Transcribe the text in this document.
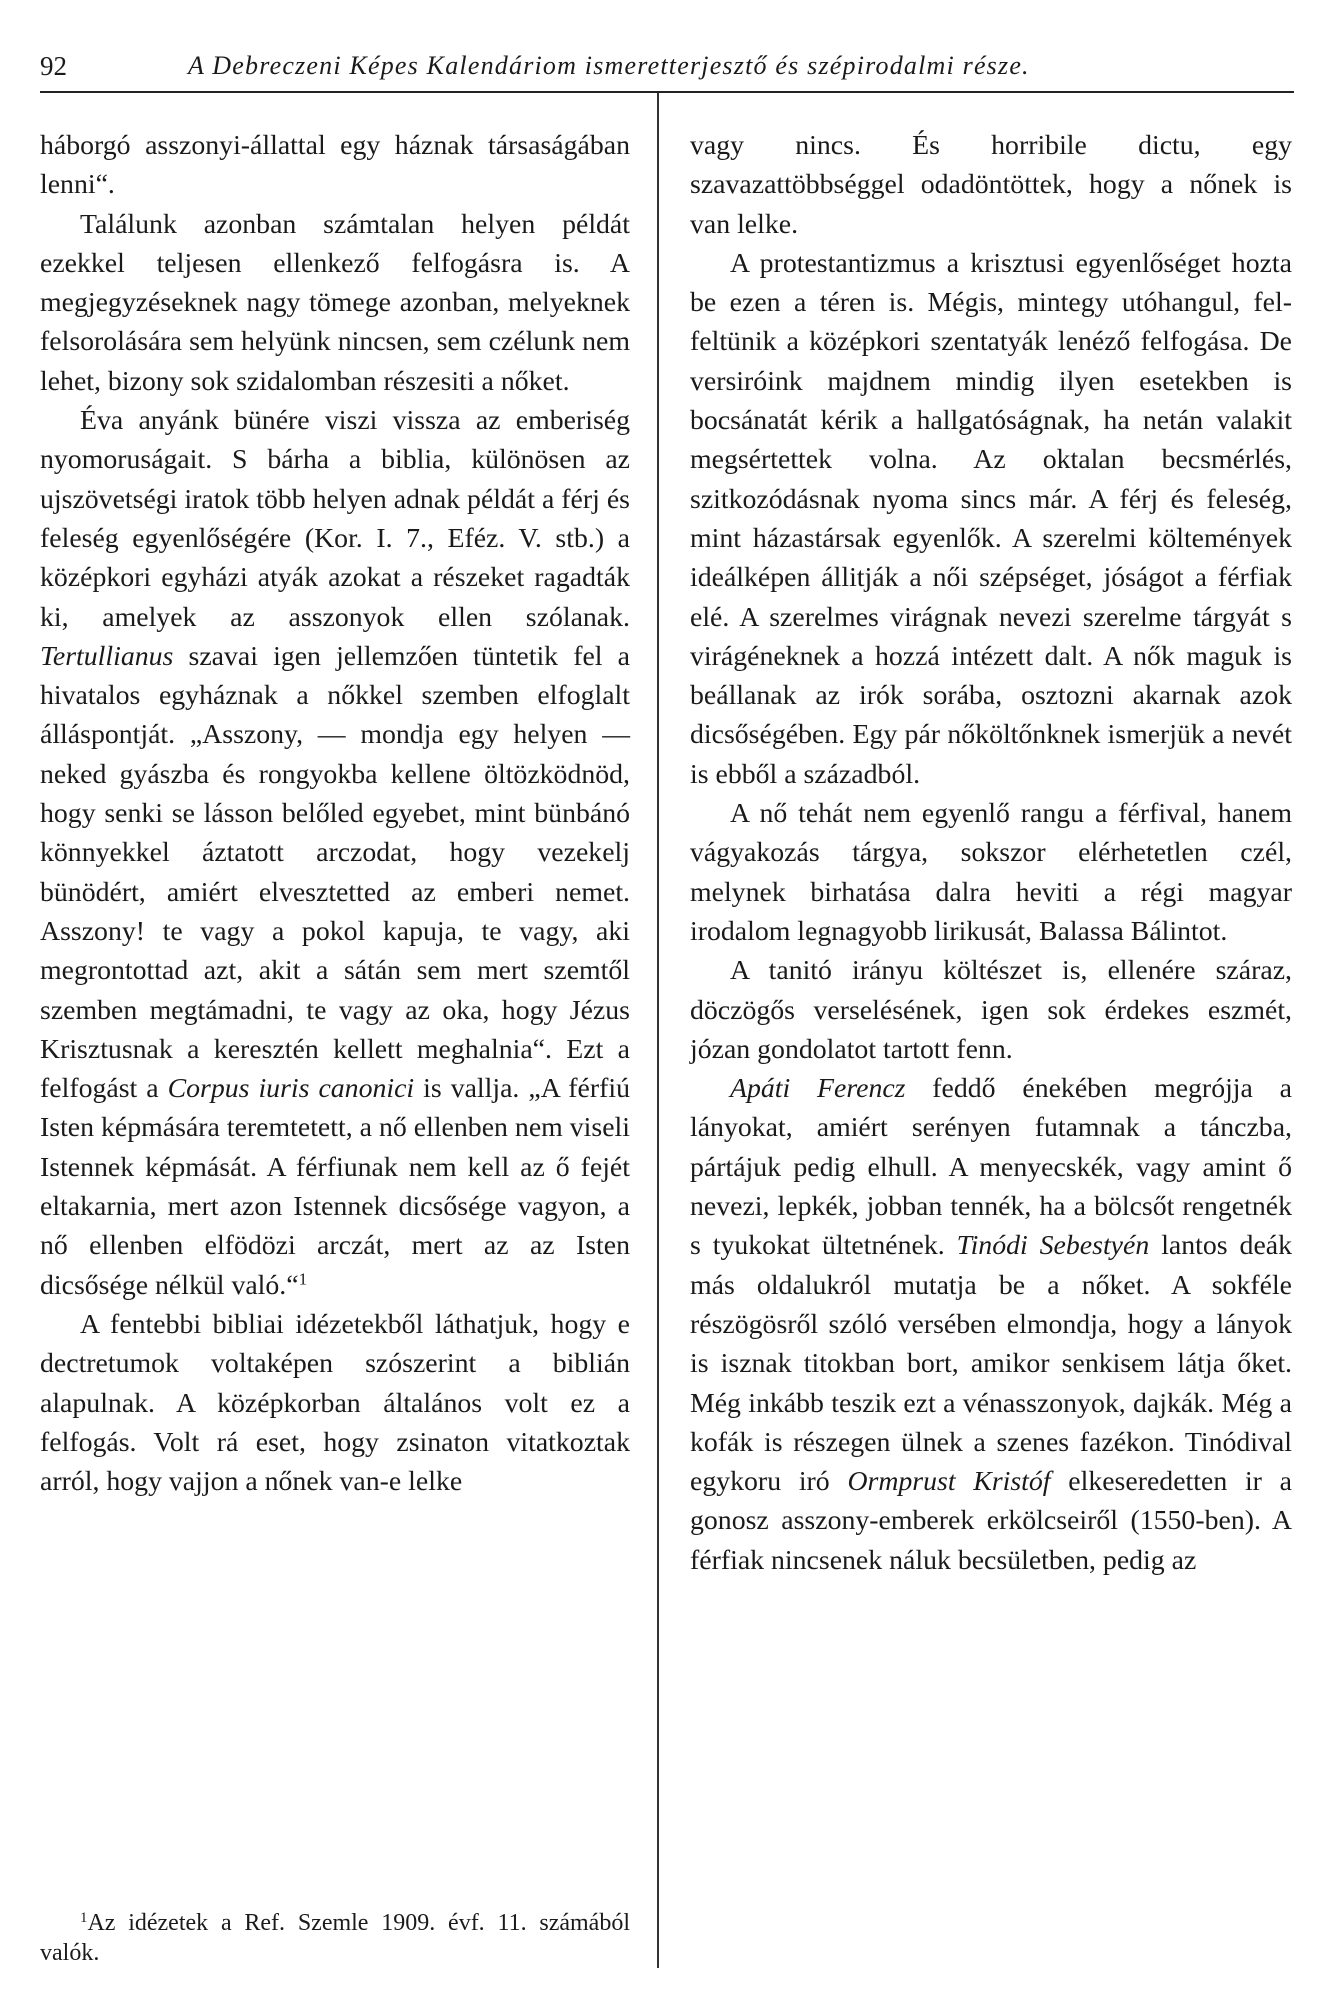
92	A Debreczeni Képes Kalendáriom ismeretterjesztő és szépirodalmi része.

háborgó asszonyi-állattal egy háznak társaságában lenni“.

Találunk azonban számtalan helyen példát ezekkel teljesen ellenkező felfogásra is. A megjegyzéseknek nagy tömege azonban, melyeknek felsorolására sem helyünk nincsen, sem czélunk nem lehet, bizony sok szidalomban részesiti a nőket.

Éva anyánk bünére viszi vissza az emberiség nyomoruságait. S bárha a biblia, különösen az ujszövetségi iratok több helyen adnak példát a férj és feleség egyenlőségére (Kor. I. 7., Eféz. V. stb.) a középkori egyházi atyák azokat a részeket ragadták ki, amelyek az asszonyok ellen szólanak. Tertullianus szavai igen jellemzően tüntetik fel a hivatalos egyháznak a nőkkel szemben elfoglalt álláspontját. „Asszony, — mondja egy helyen — neked gyászba és rongyokba kellene öltözködnöd, hogy senki se lásson belőled egyebet, mint bünbánó könnyekkel áztatott arczodat, hogy vezekelj bünödért, amiért elvesztetted az emberi nemet. Asszony! te vagy a pokol kapuja, te vagy, aki megrontottad azt, akit a sátán sem mert szemtől szemben megtámadni, te vagy az oka, hogy Jézus Krisztusnak a keresztén kellett meghalnia“. Ezt a felfogást a Corpus iuris canonici is vallja. „A férfiú Isten képmására teremtetett, a nő ellenben nem viseli Istennek képmását. A férfiunak nem kell az ő fejét eltakarnia, mert azon Istennek dicsősége vagyon, a nő ellenben elfödözi arczát, mert az az Isten dicsősége nélkül való.“$^1$

A fentebbi bibliai idézetekből láthatjuk, hogy e dectretumok voltaképen szószerint a biblián alapulnak. A középkorban általános volt ez a felfogás. Volt rá eset, hogy zsinaton vitatkoztak arról, hogy vajjon a nőnek van-e lelke

$^1$Az idézetek a Ref. Szemle 1909. évf. 11. számából valók.

vagy nincs. És horribile dictu, egy szavazattöbbséggel odadöntöttek, hogy a nőnek is van lelke.

A protestantizmus a krisztusi egyenlőséget hozta be ezen a téren is. Mégis, mintegy utóhangul, fel-feltünik a középkori szentatyák lenéző felfogása. De versiróink majdnem mindig ilyen esetekben is bocsánatát kérik a hallgatóságnak, ha netán valakit megsértettek volna. Az oktalan becsmérlés, szitkozódásnak nyoma sincs már. A férj és feleség, mint házastársak egyenlők. A szerelmi költemények ideálképen állitják a női szépséget, jóságot a férfiak elé. A szerelmes virágnak nevezi szerelme tárgyát s virágéneknek a hozzá intézett dalt. A nők maguk is beállanak az irók sorába, osztozni akarnak azok dicsőségében. Egy pár nőköltőnknek ismerjük a nevét is ebből a századból.

A nő tehát nem egyenlő rangu a férfival, hanem vágyakozás tárgya, sokszor elérhetetlen czél, melynek birhatása dalra heviti a régi magyar irodalom legnagyobb lirikusát, Balassa Bálintot.

A tanitó irányu költészet is, ellenére száraz, döczögős verselésének, igen sok érdekes eszmét, józan gondolatot tartott fenn.

Apáti Ferencz feddő énekében megrójja a lányokat, amiért serényen futamnak a tánczba, pártájuk pedig elhull. A menyecskék, vagy amint ő nevezi, lepkék, jobban tennék, ha a bölcsőt rengetnék s tyukokat ültetnének. Tinódi Sebestyén lantos deák más oldalukról mutatja be a nőket. A sokféle részögösről szóló versében elmondja, hogy a lányok is isznak titokban bort, amikor senkisem látja őket. Még inkább teszik ezt a vénasszonyok, dajkák. Még a kofák is részegen ülnek a szenes fazékon. Tinódival egykoru iró Ormprust Kristóf elkeseredetten ir a gonosz asszony-emberek erkölcseiről (1550-ben). A férfiak nincsenek náluk becsületben, pedig az
